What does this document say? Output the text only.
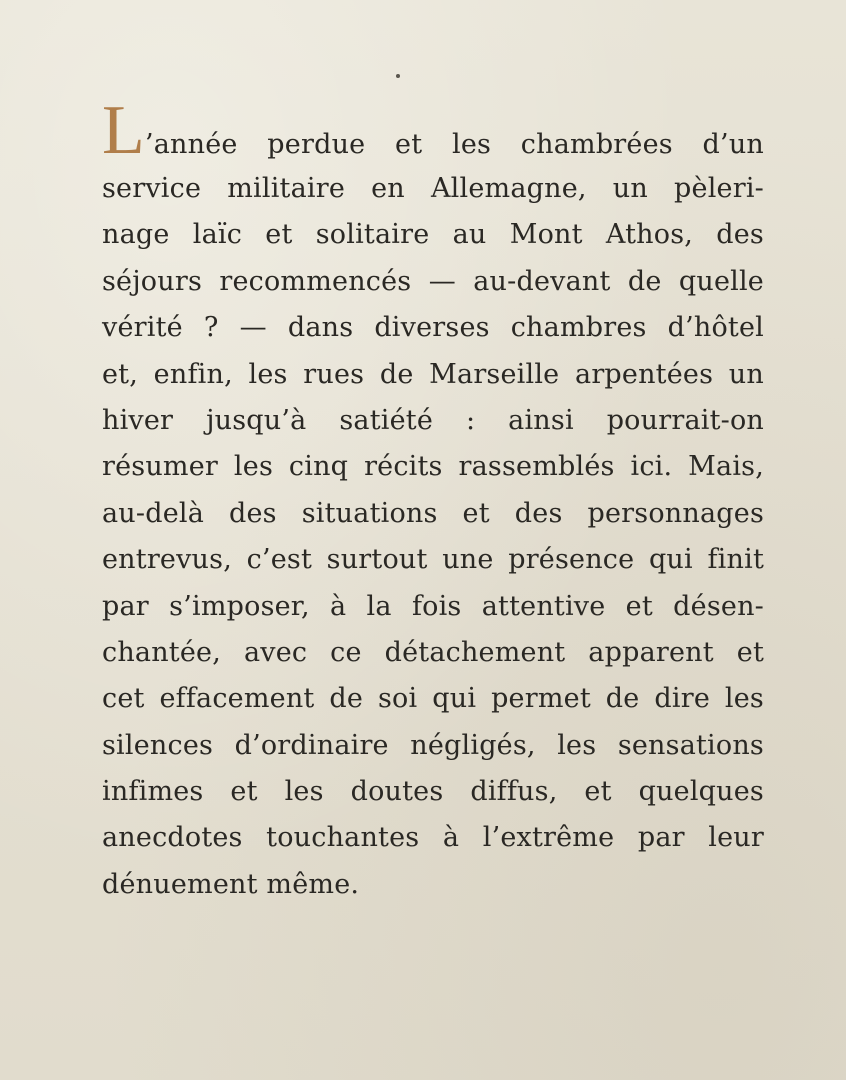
L’année perdue et les chambrées d’un
service militaire en Allemagne, un pèleri-
nage laïc et solitaire au Mont Athos, des
séjours recommencés — au-devant de quelle
vérité ? — dans diverses chambres d’hôtel
et, enfin, les rues de Marseille arpentées un
hiver jusqu’à satiété : ainsi pourrait-on
résumer les cinq récits rassemblés ici. Mais,
au-delà des situations et des personnages
entrevus, c’est surtout une présence qui finit
par s’imposer, à la fois attentive et désen-
chantée, avec ce détachement apparent et
cet effacement de soi qui permet de dire les
silences d’ordinaire négligés, les sensations
infimes et les doutes diffus, et quelques
anecdotes touchantes à l’extrême par leur
dénuement même.
